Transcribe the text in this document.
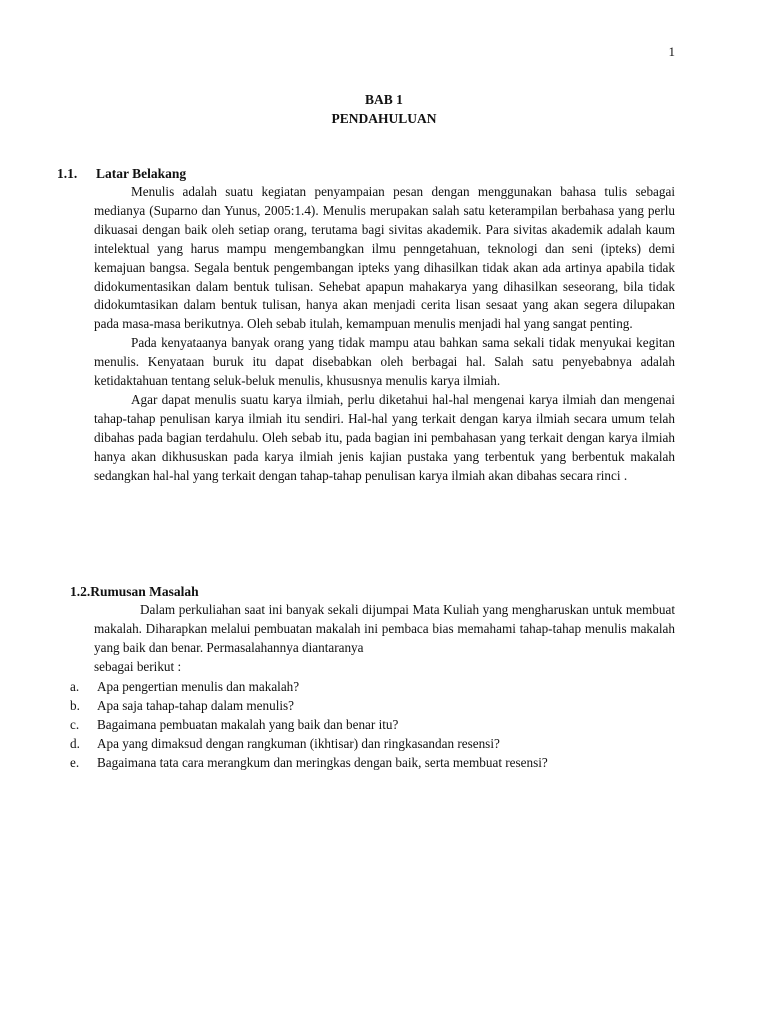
1
BAB 1
PENDAHULUAN
1.1. Latar Belakang

Menulis adalah suatu kegiatan penyampaian pesan dengan menggunakan bahasa tulis sebagai medianya (Suparno dan Yunus, 2005:1.4). Menulis merupakan salah satu keterampilan berbahasa yang perlu dikuasai dengan baik oleh setiap orang, terutama bagi sivitas akademik. Para sivitas akademik adalah kaum intelektual yang harus mampu mengembangkan ilmu penngetahuan, teknologi dan seni (ipteks) demi kemajuan bangsa. Segala bentuk pengembangan ipteks yang dihasilkan tidak akan ada artinya apabila tidak didokumentasikan dalam bentuk tulisan. Sehebat apapun mahakarya yang dihasilkan seseorang, bila tidak didokumtasikan dalam bentuk tulisan, hanya akan menjadi cerita lisan sesaat yang akan segera dilupakan pada masa-masa berikutnya. Oleh sebab itulah, kemampuan menulis menjadi hal yang sangat penting.

Pada kenyataanya banyak orang yang tidak mampu atau bahkan sama sekali tidak menyukai kegitan menulis. Kenyataan buruk itu dapat disebabkan oleh berbagai hal. Salah satu penyebabnya adalah ketidaktahuan tentang seluk-beluk menulis, khususnya menulis karya ilmiah.

Agar dapat menulis suatu karya ilmiah, perlu diketahui hal-hal mengenai karya ilmiah dan mengenai tahap-tahap penulisan karya ilmiah itu sendiri. Hal-hal yang terkait dengan karya ilmiah secara umum telah dibahas pada bagian terdahulu. Oleh sebab itu, pada bagian ini pembahasan yang terkait dengan karya ilmiah hanya akan dikhususkan pada karya ilmiah jenis kajian pustaka yang terbentuk yang berbentuk makalah sedangkan hal-hal yang terkait dengan tahap-tahap penulisan karya ilmiah akan dibahas secara rinci .

1.2.Rumusan Masalah

Dalam perkuliahan saat ini banyak sekali dijumpai Mata Kuliah yang mengharuskan untuk membuat makalah. Diharapkan melalui pembuatan makalah ini pembaca bias memahami tahap-tahap menulis makalah yang baik dan benar. Permasalahannya diantaranya

sebagai berikut :
a.	Apa pengertian menulis dan makalah?
b.	Apa saja tahap-tahap dalam menulis?
c.	Bagaimana pembuatan makalah yang baik dan benar itu?
d.	Apa yang dimaksud dengan rangkuman (ikhtisar) dan ringkasandan resensi?
e.	Bagaimana tata cara merangkum dan meringkas dengan baik, serta membuat resensi?
